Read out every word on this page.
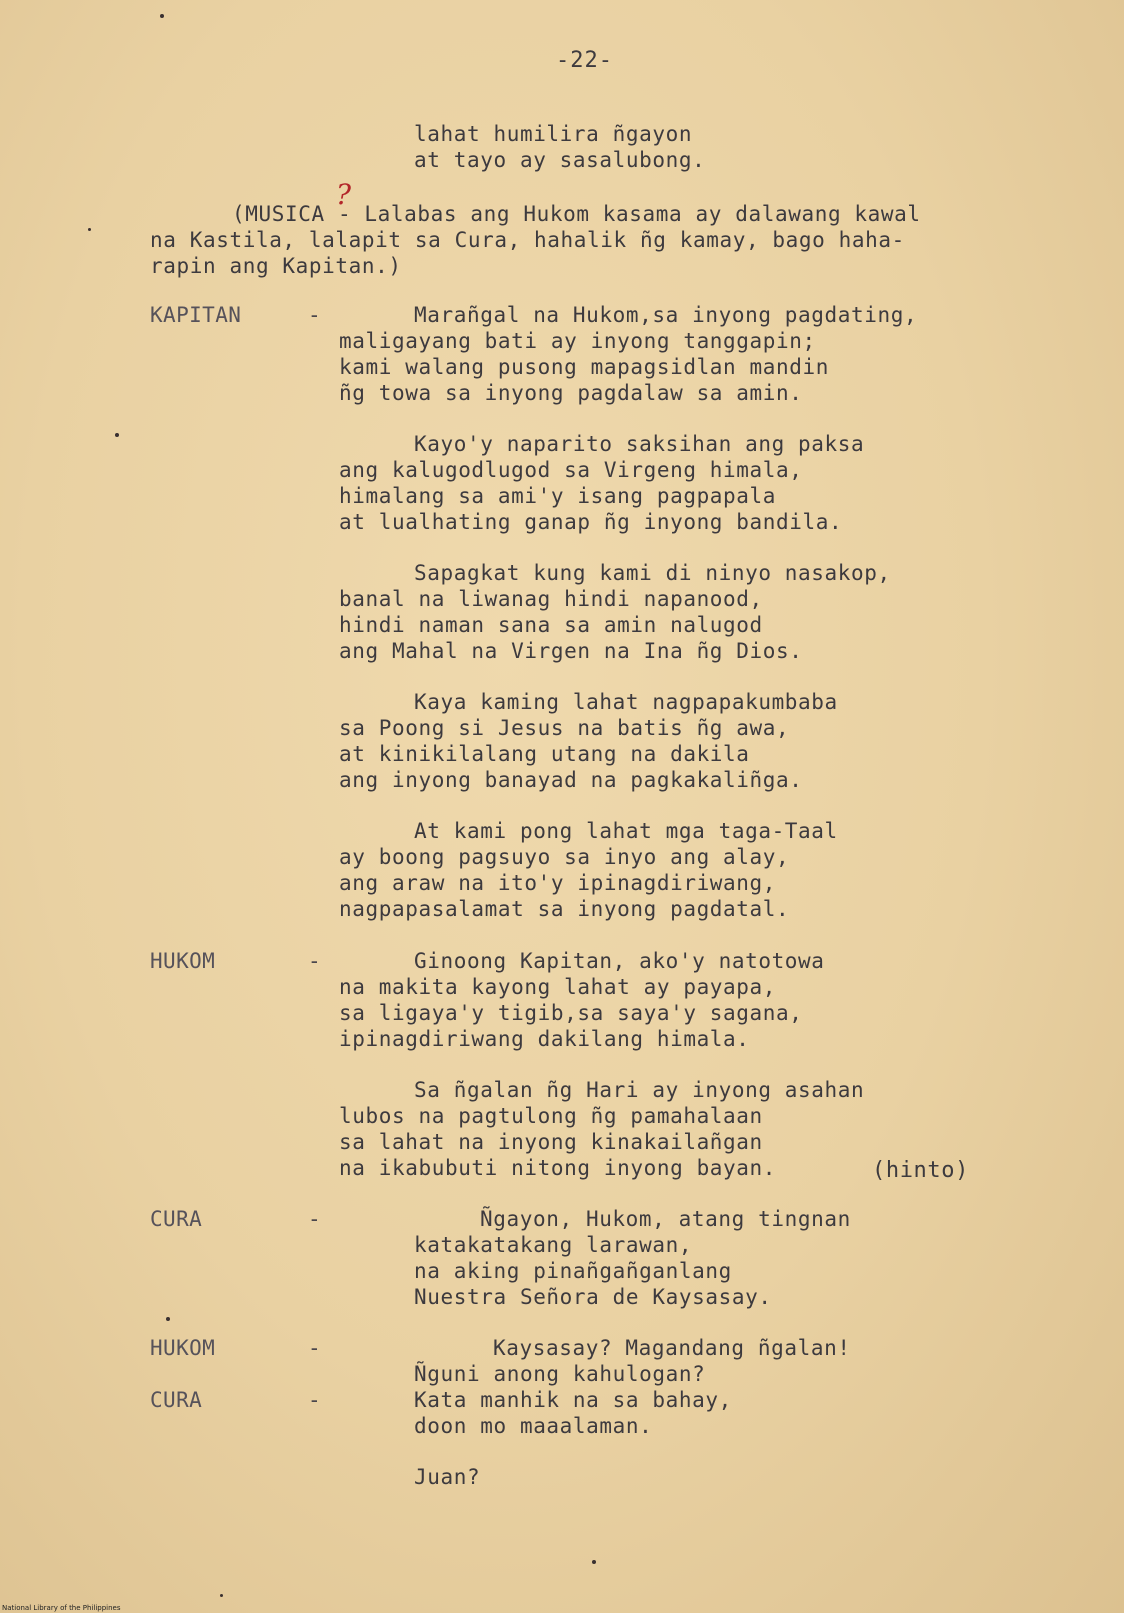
-22-
lahat humilira ñgayon
at tayo ay sasalubong.
?
(MUSICA - Lalabas ang Hukom kasama ay dalawang kawal
na Kastila, lalapit sa Cura, hahalik ñg kamay, bago haha-
rapin ang Kapitan.)
KAPITAN	-	Marañgal na Hukom,sa inyong pagdating,
maligayang bati ay inyong tanggapin;
kami walang pusong mapagsidlan mandin
ñg towa sa inyong pagdalaw sa amin.
Kayo'y naparito saksihan ang paksa
ang kalugodlugod sa Virgeng himala,
himalang sa ami'y isang pagpapala
at lualhating ganap ñg inyong bandila.
Sapagkat kung kami di ninyo nasakop,
banal na liwanag hindi napanood,
hindi naman sana sa amin nalugod
ang Mahal na Virgen na Ina ñg Dios.
Kaya kaming lahat nagpapakumbaba
sa Poong si Jesus na batis ñg awa,
at kinikilalang utang na dakila
ang inyong banayad na pagkakaliñga.
At kami pong lahat mga taga-Taal
ay boong pagsuyo sa inyo ang alay,
ang araw na ito'y ipinagdiriwang,
nagpapasalamat sa inyong pagdatal.
HUKOM	-	Ginoong Kapitan, ako'y natotowa
na makita kayong lahat ay payapa,
sa ligaya'y tigib,sa saya'y sagana,
ipinagdiriwang dakilang himala.
Sa ñgalan ñg Hari ay inyong asahan
lubos na pagtulong ñg pamahalaan
sa lahat na inyong kinakailañgan
na ikabubuti nitong inyong bayan.	(hinto)
CURA	-	Ñgayon, Hukom, atang tingnan
katakatakang larawan,
na aking pinañgañganlang
Nuestra Señora de Kaysasay.
HUKOM	-	Kaysasay? Magandang ñgalan!
Ñguni anong kahulogan?
CURA	-	Kata manhik na sa bahay,
doon mo maaalaman.
Juan?
National Library of the Philippines
